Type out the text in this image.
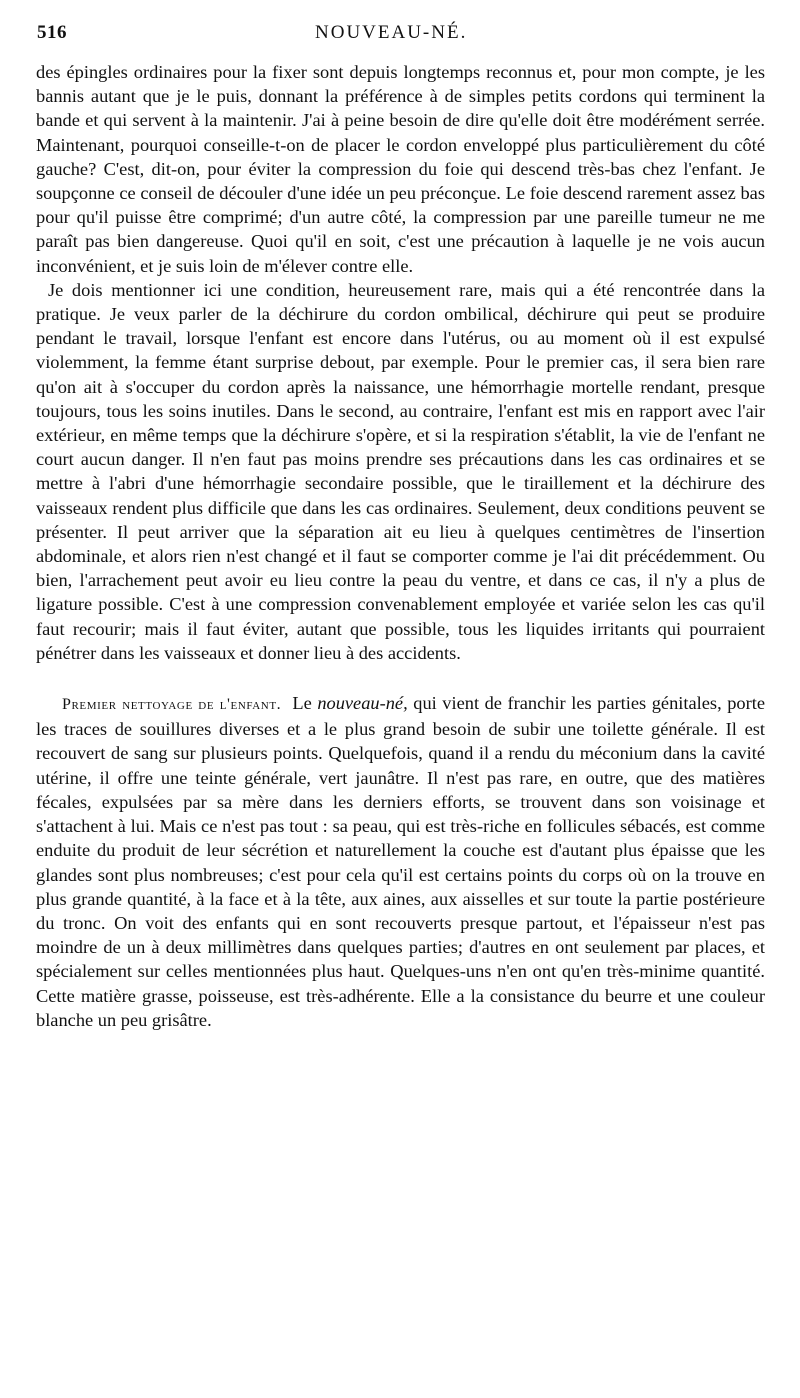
516	NOUVEAU-NÉ.

des épingles ordinaires pour la fixer sont depuis longtemps reconnus et, pour mon compte, je les bannis autant que je le puis, donnant la préférence à de simples petits cordons qui terminent la bande et qui servent à la maintenir. J'ai à peine besoin de dire qu'elle doit être modérément serrée. Maintenant, pourquoi conseille-t-on de placer le cordon enveloppé plus particulièrement du côté gauche? C'est, dit-on, pour éviter la compression du foie qui descend très-bas chez l'enfant. Je soupçonne ce conseil de découler d'une idée un peu préconçue. Le foie descend rarement assez bas pour qu'il puisse être comprimé; d'un autre côté, la compression par une pareille tumeur ne me paraît pas bien dangereuse. Quoi qu'il en soit, c'est une précaution à laquelle je ne vois aucun inconvénient, et je suis loin de m'élever contre elle.

Je dois mentionner ici une condition, heureusement rare, mais qui a été rencontrée dans la pratique. Je veux parler de la déchirure du cordon ombilical, déchirure qui peut se produire pendant le travail, lorsque l'enfant est encore dans l'utérus, ou au moment où il est expulsé violemment, la femme étant surprise debout, par exemple. Pour le premier cas, il sera bien rare qu'on ait à s'occuper du cordon après la naissance, une hémorrhagie mortelle rendant, presque toujours, tous les soins inutiles. Dans le second, au contraire, l'enfant est mis en rapport avec l'air extérieur, en même temps que la déchirure s'opère, et si la respiration s'établit, la vie de l'enfant ne court aucun danger. Il n'en faut pas moins prendre ses précautions dans les cas ordinaires et se mettre à l'abri d'une hémorrhagie secondaire possible, que le tiraillement et la déchirure des vaisseaux rendent plus difficile que dans les cas ordinaires. Seulement, deux conditions peuvent se présenter. Il peut arriver que la séparation ait eu lieu à quelques centimètres de l'insertion abdominale, et alors rien n'est changé et il faut se comporter comme je l'ai dit précédemment. Ou bien, l'arrachement peut avoir eu lieu contre la peau du ventre, et dans ce cas, il n'y a plus de ligature possible. C'est à une compression convenablement employée et variée selon les cas qu'il faut recourir; mais il faut éviter, autant que possible, tous les liquides irritants qui pourraient pénétrer dans les vaisseaux et donner lieu à des accidents.

Premier nettoyage de l'enfant. Le nouveau-né, qui vient de franchir les parties génitales, porte les traces de souillures diverses et a le plus grand besoin de subir une toilette générale. Il est recouvert de sang sur plusieurs points. Quelquefois, quand il a rendu du méconium dans la cavité utérine, il offre une teinte générale, vert jaunâtre. Il n'est pas rare, en outre, que des matières fécales, expulsées par sa mère dans les derniers efforts, se trouvent dans son voisinage et s'attachent à lui. Mais ce n'est pas tout : sa peau, qui est très-riche en follicules sébacés, est comme enduite du produit de leur sécrétion et naturellement la couche est d'autant plus épaisse que les glandes sont plus nombreuses; c'est pour cela qu'il est certains points du corps où on la trouve en plus grande quantité, à la face et à la tête, aux aines, aux aisselles et sur toute la partie postérieure du tronc. On voit des enfants qui en sont recouverts presque partout, et l'épaisseur n'est pas moindre de un à deux millimètres dans quelques parties; d'autres en ont seulement par places, et spécialement sur celles mentionnées plus haut. Quelques-uns n'en ont qu'en très-minime quantité. Cette matière grasse, poisseuse, est très-adhérente. Elle a la consistance du beurre et une couleur blanche un peu grisâtre.
